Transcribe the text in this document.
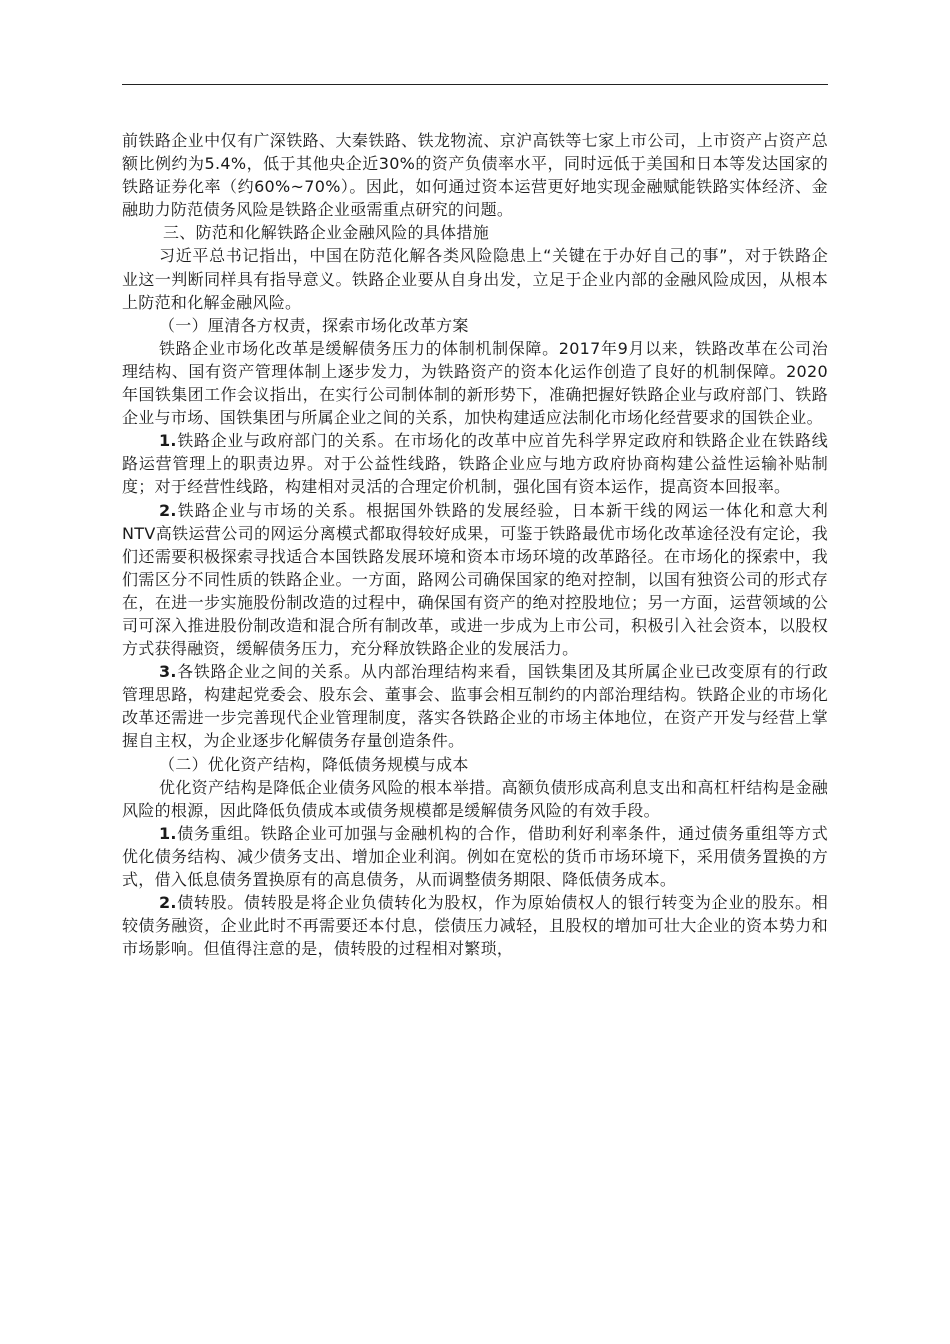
前铁路企业中仅有广深铁路、大秦铁路、铁龙物流、京沪高铁等七家上市公司，上市资产占资产总额比例约为5.4%，低于其他央企近30%的资产负债率水平，同时远低于美国和日本等发达国家的铁路证券化率（约60%~70%）。因此，如何通过资本运营更好地实现金融赋能铁路实体经济、金融助力防范债务风险是铁路企业亟需重点研究的问题。

三、防范和化解铁路企业金融风险的具体措施

习近平总书记指出，中国在防范化解各类风险隐患上“关键在于办好自己的事”，对于铁路企业这一判断同样具有指导意义。铁路企业要从自身出发，立足于企业内部的金融风险成因，从根本上防范和化解金融风险。

（一）厘清各方权责，探索市场化改革方案

铁路企业市场化改革是缓解债务压力的体制机制保障。2017年9月以来，铁路改革在公司治理结构、国有资产管理体制上逐步发力，为铁路资产的资本化运作创造了良好的机制保障。2020年国铁集团工作会议指出，在实行公司制体制的新形势下，准确把握好铁路企业与政府部门、铁路企业与市场、国铁集团与所属企业之间的关系，加快构建适应法制化市场化经营要求的国铁企业。

1.铁路企业与政府部门的关系。在市场化的改革中应首先科学界定政府和铁路企业在铁路线路运营管理上的职责边界。对于公益性线路，铁路企业应与地方政府协商构建公益性运输补贴制度；对于经营性线路，构建相对灵活的合理定价机制，强化国有资本运作，提高资本回报率。

2.铁路企业与市场的关系。根据国外铁路的发展经验，日本新干线的网运一体化和意大利NTV高铁运营公司的网运分离模式都取得较好成果，可鉴于铁路最优市场化改革途径没有定论，我们还需要积极探索寻找适合本国铁路发展环境和资本市场环境的改革路径。在市场化的探索中，我们需区分不同性质的铁路企业。一方面，路网公司确保国家的绝对控制，以国有独资公司的形式存在，在进一步实施股份制改造的过程中，确保国有资产的绝对控股地位；另一方面，运营领域的公司可深入推进股份制改造和混合所有制改革，或进一步成为上市公司，积极引入社会资本，以股权方式获得融资，缓解债务压力，充分释放铁路企业的发展活力。

3.各铁路企业之间的关系。从内部治理结构来看，国铁集团及其所属企业已改变原有的行政管理思路，构建起党委会、股东会、董事会、监事会相互制约的内部治理结构。铁路企业的市场化改革还需进一步完善现代企业管理制度，落实各铁路企业的市场主体地位，在资产开发与经营上掌握自主权，为企业逐步化解债务存量创造条件。

（二）优化资产结构，降低债务规模与成本

优化资产结构是降低企业债务风险的根本举措。高额负债形成高利息支出和高杠杆结构是金融风险的根源，因此降低负债成本或债务规模都是缓解债务风险的有效手段。

1.债务重组。铁路企业可加强与金融机构的合作，借助利好利率条件，通过债务重组等方式优化债务结构、减少债务支出、增加企业利润。例如在宽松的货币市场环境下，采用债务置换的方式，借入低息债务置换原有的高息债务，从而调整债务期限、降低债务成本。

2.债转股。债转股是将企业负债转化为股权，作为原始债权人的银行转变为企业的股东。相较债务融资，企业此时不再需要还本付息，偿债压力减轻，且股权的增加可壮大企业的资本势力和市场影响。但值得注意的是，债转股的过程相对繁琐，
